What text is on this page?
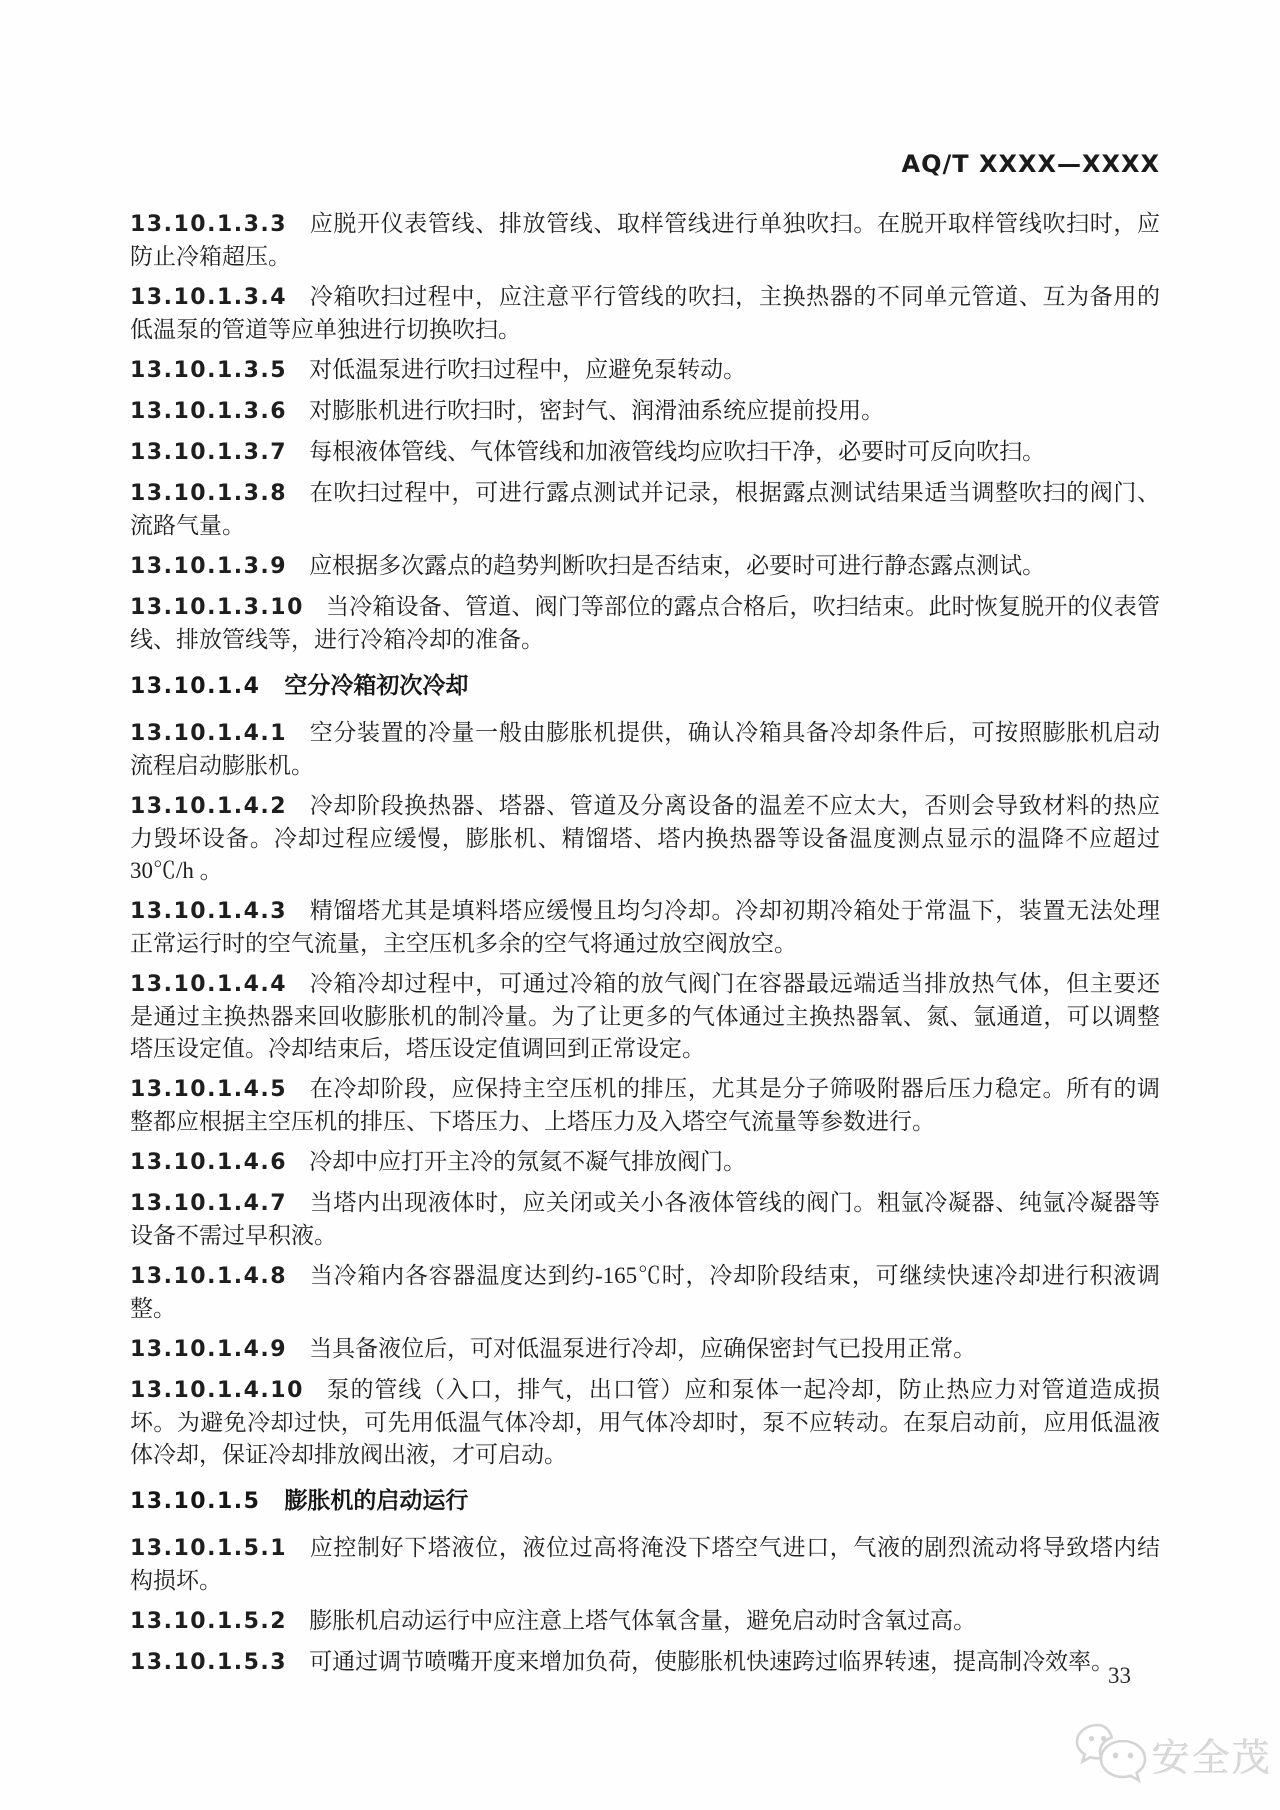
AQ/T XXXX—XXXX

13.10.1.3.3 应脱开仪表管线、排放管线、取样管线进行单独吹扫。在脱开取样管线吹扫时，应防止冷箱超压。

13.10.1.3.4 冷箱吹扫过程中，应注意平行管线的吹扫，主换热器的不同单元管道、互为备用的低温泵的管道等应单独进行切换吹扫。

13.10.1.3.5 对低温泵进行吹扫过程中，应避免泵转动。

13.10.1.3.6 对膨胀机进行吹扫时，密封气、润滑油系统应提前投用。

13.10.1.3.7 每根液体管线、气体管线和加液管线均应吹扫干净，必要时可反向吹扫。

13.10.1.3.8 在吹扫过程中，可进行露点测试并记录，根据露点测试结果适当调整吹扫的阀门、流路气量。

13.10.1.3.9 应根据多次露点的趋势判断吹扫是否结束，必要时可进行静态露点测试。

13.10.1.3.10 当冷箱设备、管道、阀门等部位的露点合格后，吹扫结束。此时恢复脱开的仪表管线、排放管线等，进行冷箱冷却的准备。

13.10.1.4 空分冷箱初次冷却

13.10.1.4.1 空分装置的冷量一般由膨胀机提供，确认冷箱具备冷却条件后，可按照膨胀机启动流程启动膨胀机。

13.10.1.4.2 冷却阶段换热器、塔器、管道及分离设备的温差不应太大，否则会导致材料的热应力毁坏设备。冷却过程应缓慢，膨胀机、精馏塔、塔内换热器等设备温度测点显示的温降不应超过 30℃/h 。

13.10.1.4.3 精馏塔尤其是填料塔应缓慢且均匀冷却。冷却初期冷箱处于常温下，装置无法处理正常运行时的空气流量，主空压机多余的空气将通过放空阀放空。

13.10.1.4.4 冷箱冷却过程中，可通过冷箱的放气阀门在容器最远端适当排放热气体，但主要还是通过主换热器来回收膨胀机的制冷量。为了让更多的气体通过主换热器氧、氮、氩通道，可以调整塔压设定值。冷却结束后，塔压设定值调回到正常设定。

13.10.1.4.5 在冷却阶段，应保持主空压机的排压，尤其是分子筛吸附器后压力稳定。所有的调整都应根据主空压机的排压、下塔压力、上塔压力及入塔空气流量等参数进行。

13.10.1.4.6 冷却中应打开主冷的氖氦不凝气排放阀门。

13.10.1.4.7 当塔内出现液体时，应关闭或关小各液体管线的阀门。粗氩冷凝器、纯氩冷凝器等设备不需过早积液。

13.10.1.4.8 当冷箱内各容器温度达到约-165℃时，冷却阶段结束，可继续快速冷却进行积液调整。

13.10.1.4.9 当具备液位后，可对低温泵进行冷却，应确保密封气已投用正常。

13.10.1.4.10 泵的管线（入口，排气，出口管）应和泵体一起冷却，防止热应力对管道造成损坏。为避免冷却过快，可先用低温气体冷却，用气体冷却时，泵不应转动。在泵启动前，应用低温液体冷却，保证冷却排放阀出液，才可启动。

13.10.1.5 膨胀机的启动运行

13.10.1.5.1 应控制好下塔液位，液位过高将淹没下塔空气进口，气液的剧烈流动将导致塔内结构损坏。

13.10.1.5.2 膨胀机启动运行中应注意上塔气体氧含量，避免启动时含氧过高。

13.10.1.5.3 可通过调节喷嘴开度来增加负荷，使膨胀机快速跨过临界转速，提高制冷效率。

33
安全茂
